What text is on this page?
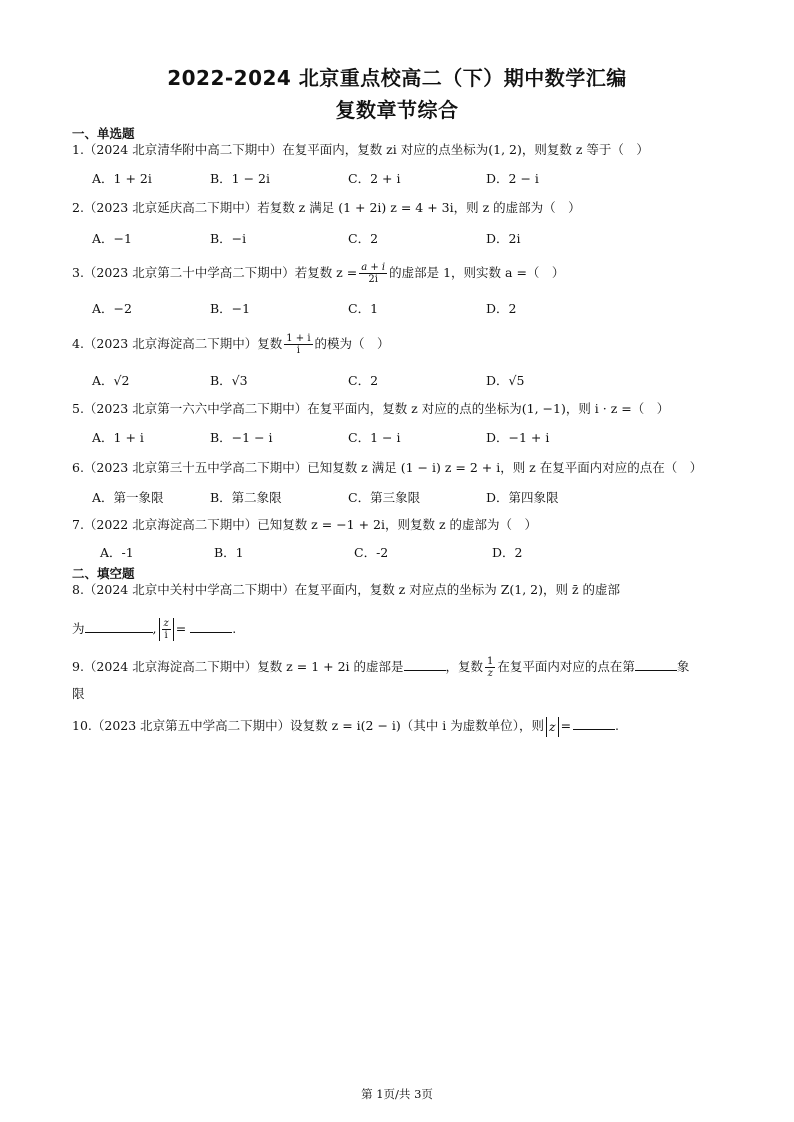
2022-2024 北京重点校高二（下）期中数学汇编
复数章节综合
一、单选题
1.（2024 北京清华附中高二下期中）在复平面内，复数 zi 对应的点坐标为(1, 2)，则复数 z 等于（　）
A．1 + 2i	B．1 − 2i	C．2 + i	D．2 − i
2.（2023 北京延庆高二下期中）若复数 z 满足 (1 + 2i) z = 4 + 3i，则 z 的虚部为（　）
A．−1	B．−i	C．2	D．2i
3.（2023 北京第二十中学高二下期中）若复数 $z = \frac{a + i}{2i}$ 的虚部是 1，则实数 a =（　）
A．−2	B．−1	C．1	D．2
4.（2023 北京海淀高二下期中）复数 $\frac{1 + i}{i}$ 的模为（　）
A．√2	B．√3	C．2	D．√5
5.（2023 北京第一六六中学高二下期中）在复平面内，复数 z 对应的点的坐标为(1, −1)，则 i · z =（　）
A．1 + i	B．−1 − i	C．1 − i	D．−1 + i
6.（2023 北京第三十五中学高二下期中）已知复数 z 满足 (1 − i) z = 2 + i，则 z 在复平面内对应的点在（　）
A．第一象限	B．第二象限	C．第三象限	D．第四象限
7.（2022 北京海淀高二下期中）已知复数 z = −1 + 2i，则复数 z 的虚部为（　）
A．-1	B．1	C．-2	D．2
二、填空题
8.（2024 北京中关村中学高二下期中）在复平面内，复数 z 对应点的坐标为 Z(1, 2)，则 z̄ 的虚部
为	, $\frac{z}{i}$ =	.
9.（2024 北京海淀高二下期中）复数 z = 1 + 2i 的虚部是	，复数 $\frac{1}{z}$ 在复平面内对应的点在第	象
限
10.（2023 北京第五中学高二下期中）设复数 z = i(2 − i)（其中 i 为虚数单位），则 z =	.
第 1页/共 3页
